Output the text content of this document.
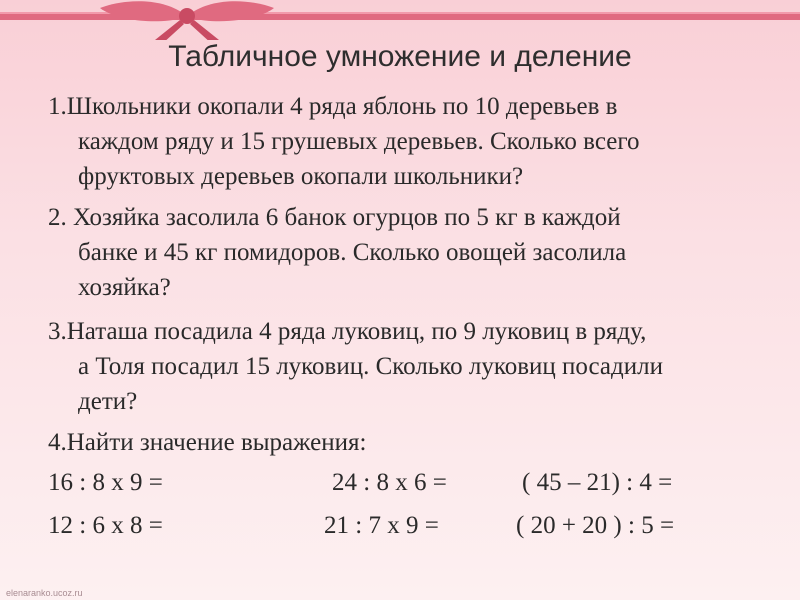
Табличное умножение и деление
1.Школьники окопали 4 ряда яблонь по 10 деревьев в
каждом ряду и 15 грушевых деревьев. Сколько всего
фруктовых деревьев окопали школьники?
2. Хозяйка засолила 6 банок огурцов по 5 кг в каждой
банке и 45 кг помидоров. Сколько овощей засолила
хозяйка?
3.Наташа посадила 4 ряда луковиц, по 9 луковиц в ряду,
а Толя посадил 15 луковиц. Сколько луковиц посадили
дети?
4.Найти значение выражения:
16 : 8 х 9 =	24 : 8 х 6 =	( 45 – 21) : 4 =
12 : 6 х 8 =	21 : 7 х 9 =	( 20 + 20 ) : 5 =
elenaranko.ucoz.ru
